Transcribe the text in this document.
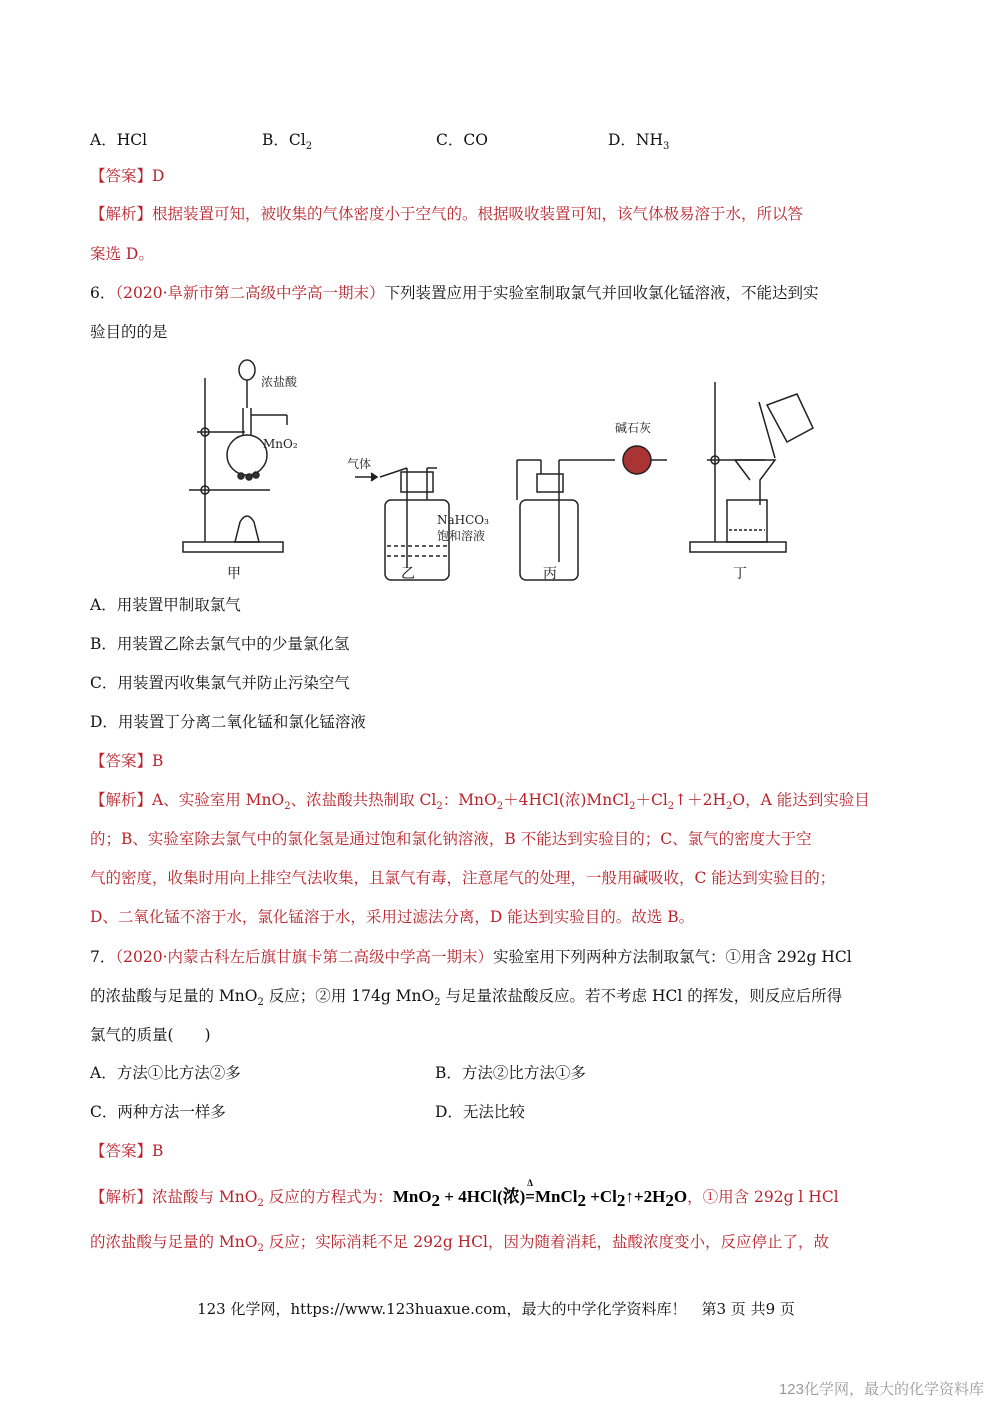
A．HCl	B．$Cl_2$	C．CO	D．$NH_3$
【答案】D
【解析】根据装置可知，被收集的气体密度小于空气的。根据吸收装置可知，该气体极易溶于水，所以答
案选 D。
6．（2020·阜新市第二高级中学高一期末）下列装置应用于实验室制取氯气并回收氯化锰溶液，不能达到实
验目的的是
A．用装置甲制取氯气
B．用装置乙除去氯气中的少量氯化氢
C．用装置丙收集氯气并防止污染空气
D．用装置丁分离二氧化锰和氯化锰溶液
【答案】B
【解析】A、实验室用 MnO$_2$、浓盐酸共热制取 $Cl_2$：MnO$_2$＋4HCl(浓)$MnCl_2+Cl_2↑+2H_2O$，A 能达到实验目
的；B、实验室除去氯气中的氯化氢是通过饱和氯化钠溶液，B 不能达到实验目的；C、氯气的密度大于空
气的密度，收集时用向上排空气法收集，且氯气有毒，注意尾气的处理，一般用碱吸收，C 能达到实验目的；
D、二氧化锰不溶于水，氯化锰溶于水，采用过滤法分离，D 能达到实验目的。故选 B。
7．（2020·内蒙古科左后旗甘旗卡第二高级中学高一期末）实验室用下列两种方法制取氯气：①用含 292g HCl
的浓盐酸与足量的 MnO$_2$ 反应；②用 174g MnO$_2$ 与足量浓盐酸反应。若不考虑 HCl 的挥发，则反应后所得
氯气的质量(　　)
A．方法①比方法②多	B．方法②比方法①多
C．两种方法一样多	D．无法比较
【答案】B
【解析】浓盐酸与 MnO$_2$ 反应的方程式为：MnO$_2$ + 4HCl(浓)
Δ
=MnCl$_2$ $+Cl_2↑+2H_2O$，①用含 292g l HCl
的浓盐酸与足量的 MnO$_2$ 反应；实际消耗不足 292g HCl，因为随着消耗，盐酸浓度变小，反应停止了，故
浓盐酸
MnO₂
气体
NaHCO₃
饱和溶液
碱石灰
甲	乙	丙	丁
123 化学网，https://www.123huaxue.com，最大的中学化学资料库！　第3 页 共9 页
123化学网，最大的化学资料库
